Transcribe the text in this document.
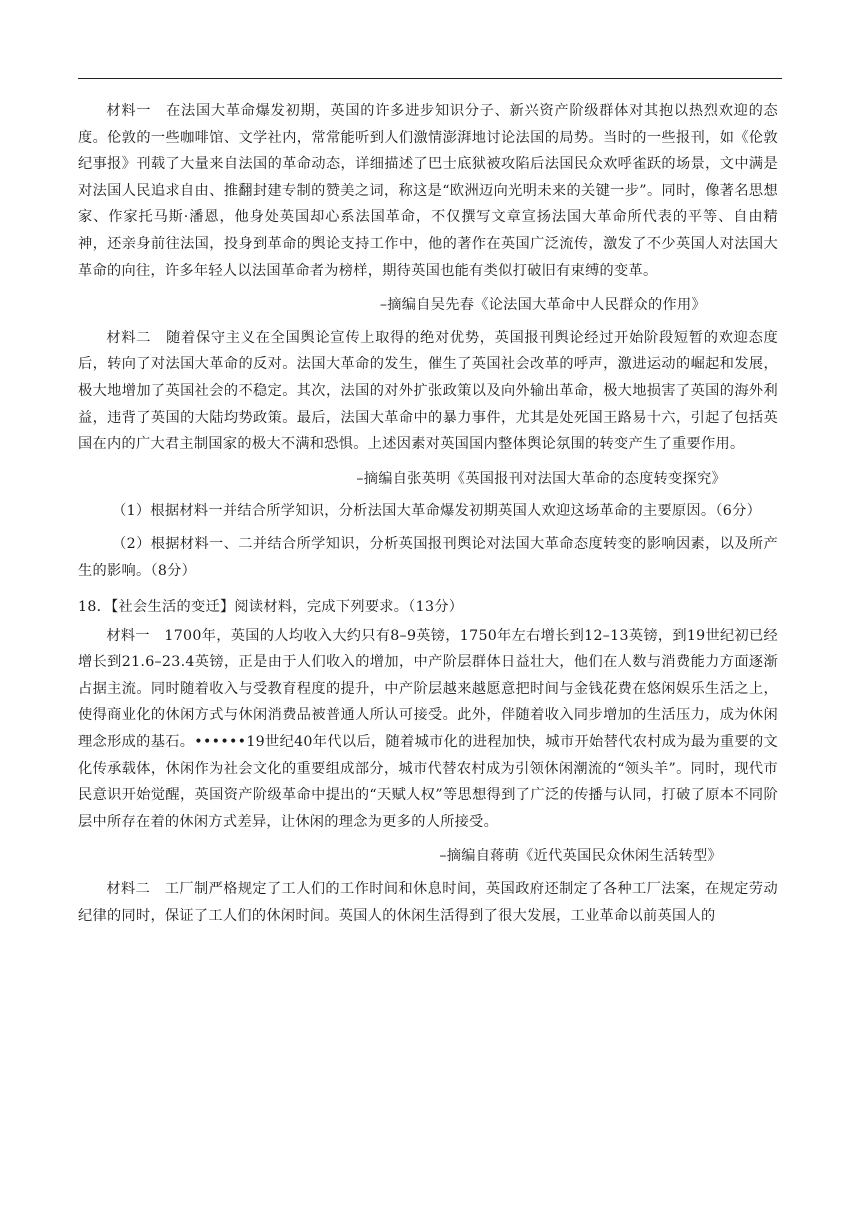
材料一　在法国大革命爆发初期，英国的许多进步知识分子、新兴资产阶级群体对其抱以热烈欢迎的态度。伦敦的一些咖啡馆、文学社内，常常能听到人们激情澎湃地讨论法国的局势。当时的一些报刊，如《伦敦纪事报》刊载了大量来自法国的革命动态，详细描述了巴士底狱被攻陷后法国民众欢呼雀跃的场景，文中满是对法国人民追求自由、推翻封建专制的赞美之词，称这是“欧洲迈向光明未来的关键一步”。同时，像著名思想家、作家托马斯·潘恩，他身处英国却心系法国革命，不仅撰写文章宣扬法国大革命所代表的平等、自由精神，还亲身前往法国，投身到革命的舆论支持工作中，他的著作在英国广泛流传，激发了不少英国人对法国大革命的向往，许多年轻人以法国革命者为榜样，期待英国也能有类似打破旧有束缚的变革。

–摘编自吴先春《论法国大革命中人民群众的作用》

材料二　随着保守主义在全国舆论宣传上取得的绝对优势，英国报刊舆论经过开始阶段短暂的欢迎态度后，转向了对法国大革命的反对。法国大革命的发生，催生了英国社会改革的呼声，激进运动的崛起和发展，极大地增加了英国社会的不稳定。其次，法国的对外扩张政策以及向外输出革命，极大地损害了英国的海外利益，违背了英国的大陆均势政策。最后，法国大革命中的暴力事件，尤其是处死国王路易十六，引起了包括英国在内的广大君主制国家的极大不满和恐惧。上述因素对英国国内整体舆论氛围的转变产生了重要作用。

–摘编自张英明《英国报刊对法国大革命的态度转变探究》

（1）根据材料一并结合所学知识，分析法国大革命爆发初期英国人欢迎这场革命的主要原因。（6分）

（2）根据材料一、二并结合所学知识，分析英国报刊舆论对法国大革命态度转变的影响因素，以及所产生的影响。（8分）

18．【社会生活的变迁】阅读材料，完成下列要求。（13分）

材料一　1700年，英国的人均收入大约只有8–9英镑，1750年左右增长到12–13英镑，到19世纪初已经增长到21.6–23.4英镑，正是由于人们收入的增加，中产阶层群体日益壮大，他们在人数与消费能力方面逐渐占据主流。同时随着收入与受教育程度的提升，中产阶层越来越愿意把时间与金钱花费在悠闲娱乐生活之上，使得商业化的休闲方式与休闲消费品被普通人所认可接受。此外，伴随着收入同步增加的生活压力，成为休闲理念形成的基石。••••••19世纪40年代以后，随着城市化的进程加快，城市开始替代农村成为最为重要的文化传承载体，休闲作为社会文化的重要组成部分，城市代替农村成为引领休闲潮流的“领头羊”。同时，现代市民意识开始觉醒，英国资产阶级革命中提出的“天赋人权”等思想得到了广泛的传播与认同，打破了原本不同阶层中所存在着的休闲方式差异，让休闲的理念为更多的人所接受。

–摘编自蒋萌《近代英国民众休闲生活转型》

材料二　工厂制严格规定了工人们的工作时间和休息时间，英国政府还制定了各种工厂法案，在规定劳动纪律的同时，保证了工人们的休闲时间。英国人的休闲生活得到了很大发展，工业革命以前英国人的
